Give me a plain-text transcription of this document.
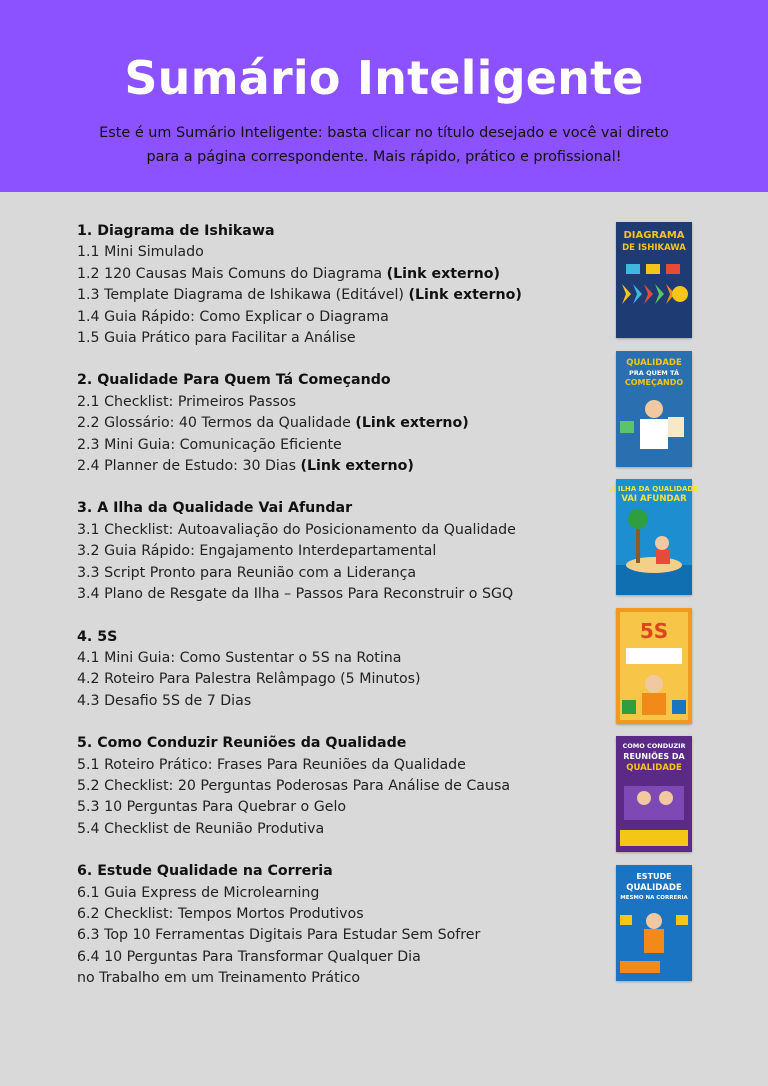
Sumário Inteligente

Este é um Sumário Inteligente: basta clicar no título desejado e você vai direto
para a página correspondente. Mais rápido, prático e profissional!

1. Diagrama de Ishikawa
1.1 Mini Simulado
1.2 120 Causas Mais Comuns do Diagrama (Link externo)
1.3 Template Diagrama de Ishikawa (Editável) (Link externo)
1.4 Guia Rápido: Como Explicar o Diagrama
1.5 Guia Prático para Facilitar a Análise
2. Qualidade Para Quem Tá Começando
2.1 Checklist: Primeiros Passos
2.2 Glossário: 40 Termos da Qualidade (Link externo)
2.3 Mini Guia: Comunicação Eficiente
2.4 Planner de Estudo: 30 Dias (Link externo)
3. A Ilha da Qualidade Vai Afundar
3.1 Checklist: Autoavaliação do Posicionamento da Qualidade
3.2 Guia Rápido: Engajamento Interdepartamental
3.3 Script Pronto para Reunião com a Liderança
3.4 Plano de Resgate da Ilha – Passos Para Reconstruir o SGQ
4. 5S
4.1 Mini Guia: Como Sustentar o 5S na Rotina
4.2 Roteiro Para Palestra Relâmpago (5 Minutos)
4.3 Desafio 5S de 7 Dias
5. Como Conduzir Reuniões da Qualidade
5.1 Roteiro Prático: Frases Para Reuniões da Qualidade
5.2 Checklist: 20 Perguntas Poderosas Para Análise de Causa
5.3 10 Perguntas Para Quebrar o Gelo
5.4 Checklist de Reunião Produtiva
6. Estude Qualidade na Correria
6.1 Guia Express de Microlearning
6.2 Checklist: Tempos Mortos Produtivos
6.3 Top 10 Ferramentas Digitais Para Estudar Sem Sofrer
6.4 10 Perguntas Para Transformar Qualquer Dia
no Trabalho em um Treinamento Prático
DIAGRAMA
DE ISHIKAWA
QUALIDADE
PRA QUEM TÁ
COMEÇANDO
A ILHA DA QUALIDADE
VAI AFUNDAR
5S
COMO CONDUZIR
REUNIÕES DA
QUALIDADE
ESTUDE
QUALIDADE
MESMO NA CORRERIA
